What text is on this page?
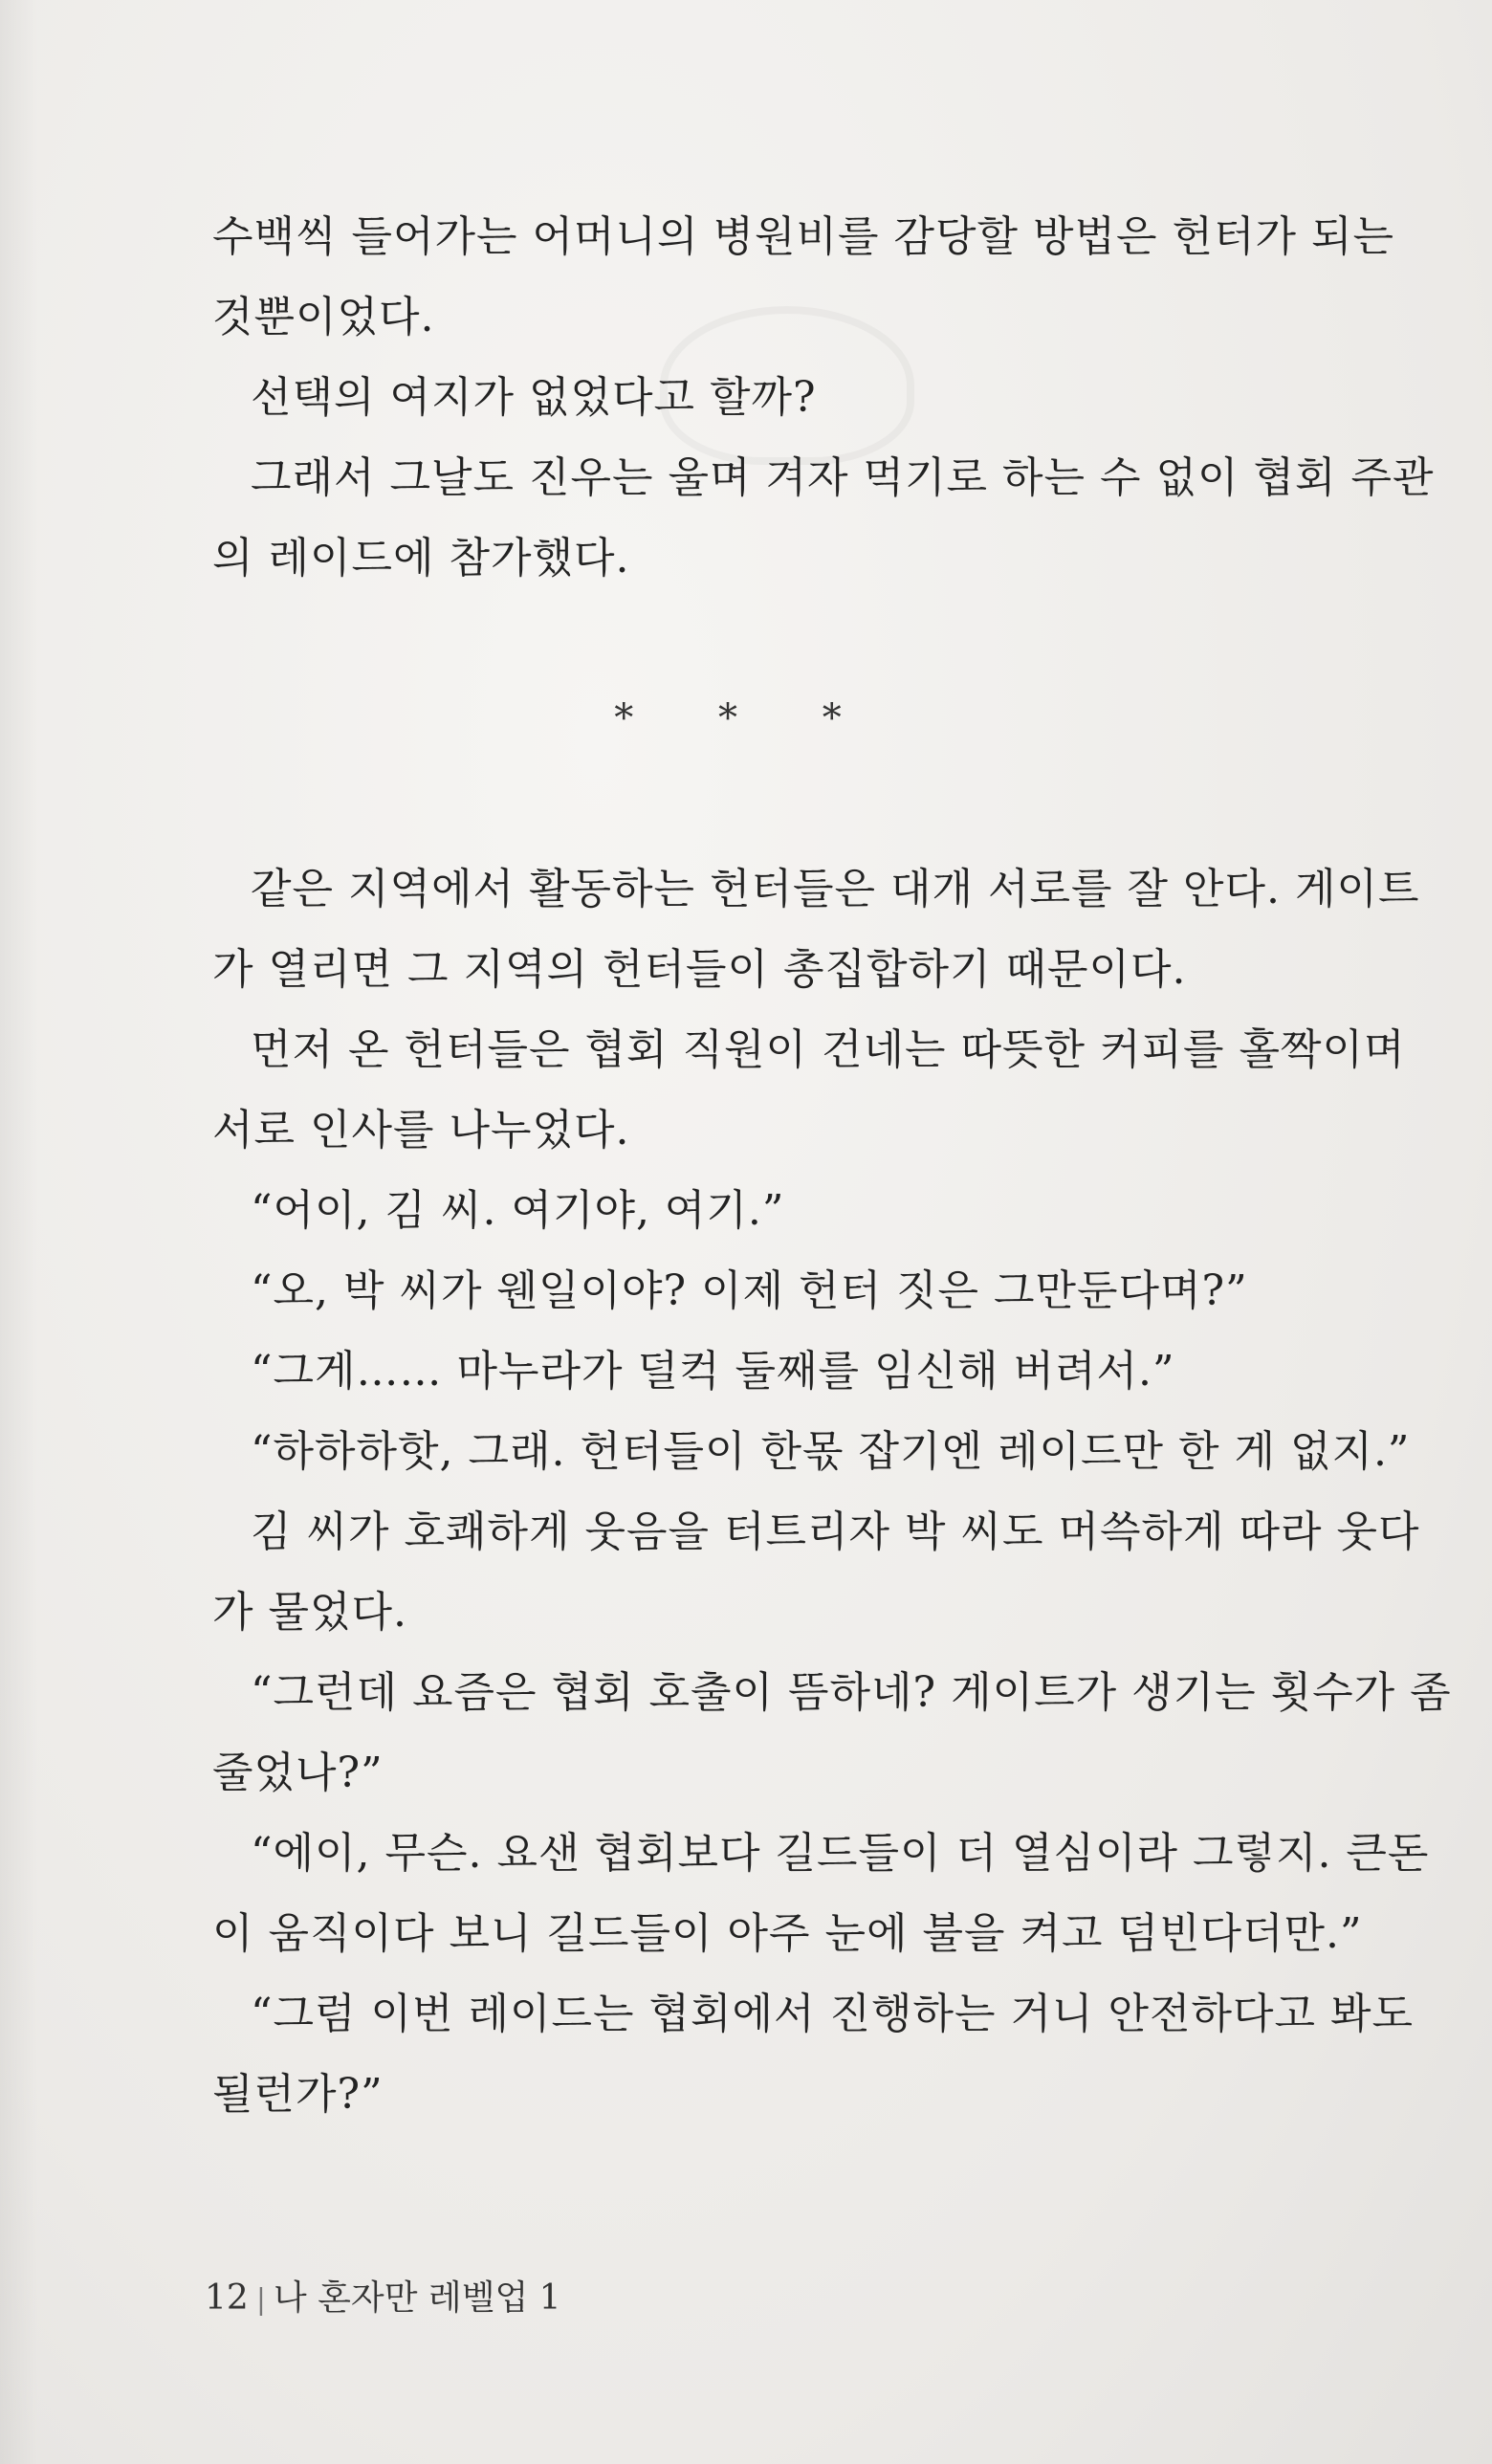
수백씩 들어가는 어머니의 병원비를 감당할 방법은 헌터가 되는
것뿐이었다.
선택의 여지가 없었다고 할까?
그래서 그날도 진우는 울며 겨자 먹기로 하는 수 없이 협회 주관
의 레이드에 참가했다.
* * *
같은 지역에서 활동하는 헌터들은 대개 서로를 잘 안다. 게이트
가 열리면 그 지역의 헌터들이 총집합하기 때문이다.
먼저 온 헌터들은 협회 직원이 건네는 따뜻한 커피를 홀짝이며
서로 인사를 나누었다.
“어이, 김 씨. 여기야, 여기.”
“오, 박 씨가 웬일이야? 이제 헌터 짓은 그만둔다며?”
“그게…… 마누라가 덜컥 둘째를 임신해 버려서.”
“하하하핫, 그래. 헌터들이 한몫 잡기엔 레이드만 한 게 없지.”
김 씨가 호쾌하게 웃음을 터트리자 박 씨도 머쓱하게 따라 웃다
가 물었다.
“그런데 요즘은 협회 호출이 뜸하네? 게이트가 생기는 횟수가 좀
줄었나?”
“에이, 무슨. 요샌 협회보다 길드들이 더 열심이라 그렇지. 큰돈
이 움직이다 보니 길드들이 아주 눈에 불을 켜고 덤빈다더만.”
“그럼 이번 레이드는 협회에서 진행하는 거니 안전하다고 봐도
될런가?”
12 | 나 혼자만 레벨업 1
